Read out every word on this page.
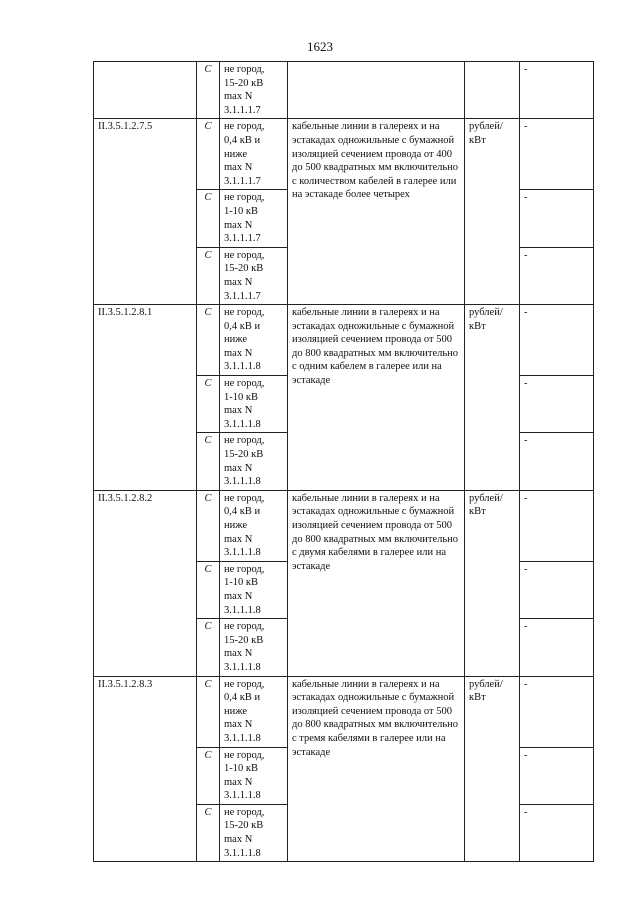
1623
	С	не город,
15-20 кВ
max N
3.1.1.1.7			-
II.3.5.1.2.7.5	С	не город,
0,4 кВ и
ниже
max N
3.1.1.1.7	кабельные линии в галереях и на эстакадах одножильные с бумажной изоляцией сечением провода от 400 до 500 квадратных мм включительно с количеством кабелей в галерее или на эстакаде более четырех	рублей/ кВт	-
	С	не город,
1-10 кВ
max N
3.1.1.1.7			-
	С	не город,
15-20 кВ
max N
3.1.1.1.7			-
II.3.5.1.2.8.1	С	не город,
0,4 кВ и
ниже
max N
3.1.1.1.8	кабельные линии в галереях и на эстакадах одножильные с бумажной изоляцией сечением провода от 500 до 800 квадратных мм включительно с одним кабелем в галерее или на эстакаде	рублей/ кВт	-
	С	не город,
1-10 кВ
max N
3.1.1.1.8			-
	С	не город,
15-20 кВ
max N
3.1.1.1.8			-
II.3.5.1.2.8.2	С	не город,
0,4 кВ и
ниже
max N
3.1.1.1.8	кабельные линии в галереях и на эстакадах одножильные с бумажной изоляцией сечением провода от 500 до 800 квадратных мм включительно с двумя кабелями в галерее или на эстакаде	рублей/ кВт	-
	С	не город,
1-10 кВ
max N
3.1.1.1.8			-
	С	не город,
15-20 кВ
max N
3.1.1.1.8			-
II.3.5.1.2.8.3	С	не город,
0,4 кВ и
ниже
max N
3.1.1.1.8	кабельные линии в галереях и на эстакадах одножильные с бумажной изоляцией сечением провода от 500 до 800 квадратных мм включительно с тремя кабелями в галерее или на эстакаде	рублей/ кВт	-
	С	не город,
1-10 кВ
max N
3.1.1.1.8			-
	С	не город,
15-20 кВ
max N
3.1.1.1.8			-
